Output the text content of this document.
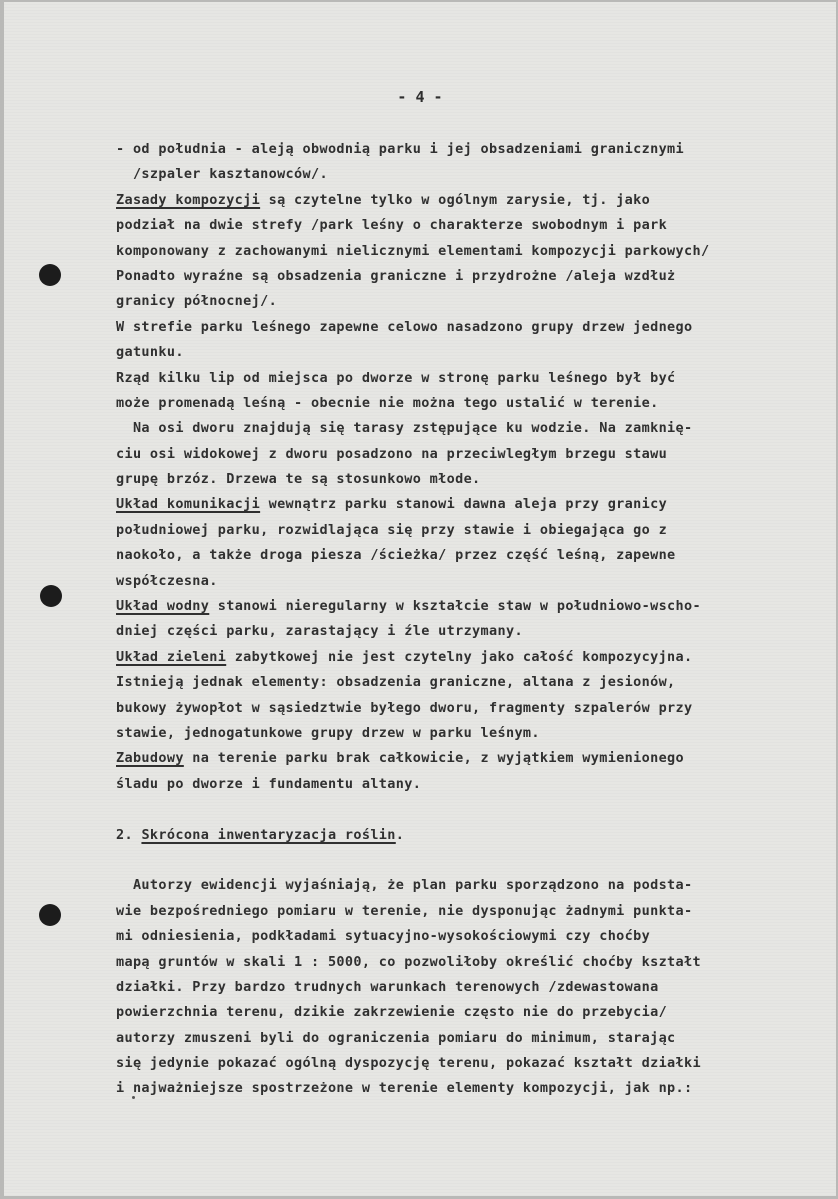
- 4 -
- od południa - aleją obwodnią parku i jej obsadzeniami granicznymi
/szpaler kasztanowców/.
Zasady kompozycji są czytelne tylko w ogólnym zarysie, tj. jako
podział na dwie strefy /park leśny o charakterze swobodnym i park
komponowany z zachowanymi nielicznymi elementami kompozycji parkowych/
Ponadto wyraźne są obsadzenia graniczne i przydrożne /aleja wzdłuż
granicy północnej/.
W strefie parku leśnego zapewne celowo nasadzono grupy drzew jednego
gatunku.
Rząd kilku lip od miejsca po dworze w stronę parku leśnego był być
może promenadą leśną - obecnie nie można tego ustalić w terenie.
Na osi dworu znajdują się tarasy zstępujące ku wodzie. Na zamknię-
ciu osi widokowej z dworu posadzono na przeciwległym brzegu stawu
grupę brzóz. Drzewa te są stosunkowo młode.
Układ komunikacji wewnątrz parku stanowi dawna aleja przy granicy
południowej parku, rozwidlająca się przy stawie i obiegająca go z
naokoło, a także droga piesza /ścieżka/ przez część leśną, zapewne
współczesna.
Układ wodny stanowi nieregularny w kształcie staw w południowo-wscho-
dniej części parku, zarastający i źle utrzymany.
Układ zieleni zabytkowej nie jest czytelny jako całość kompozycyjna.
Istnieją jednak elementy: obsadzenia graniczne, altana z jesionów,
bukowy żywopłot w sąsiedztwie byłego dworu, fragmenty szpalerów przy
stawie, jednogatunkowe grupy drzew w parku leśnym.
Zabudowy na terenie parku brak całkowicie, z wyjątkiem wymienionego
śladu po dworze i fundamentu altany.
2. Skrócona inwentaryzacja roślin.
Autorzy ewidencji wyjaśniają, że plan parku sporządzono na podsta-
wie bezpośredniego pomiaru w terenie, nie dysponując żadnymi punkta-
mi odniesienia, podkładami sytuacyjno-wysokościowymi czy choćby
mapą gruntów w skali 1 : 5000, co pozwoliłoby określić choćby kształt
działki. Przy bardzo trudnych warunkach terenowych /zdewastowana
powierzchnia terenu, dzikie zakrzewienie często nie do przebycia/
autorzy zmuszeni byli do ograniczenia pomiaru do minimum, starając
się jedynie pokazać ogólną dyspozycję terenu, pokazać kształt działki
i najważniejsze spostrzeżone w terenie elementy kompozycji, jak np.:
